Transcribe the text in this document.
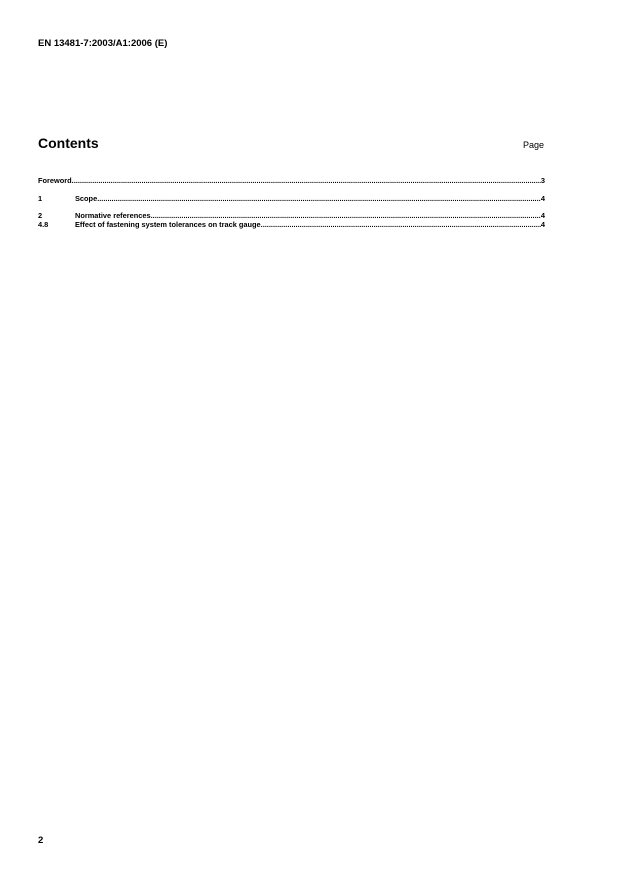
EN 13481-7:2003/A1:2006 (E)
Contents	Page
Foreword .....	3
1	Scope .....	4
2	Normative references .....	4
4.8	Effect of fastening system tolerances on track gauge .....	4
2
